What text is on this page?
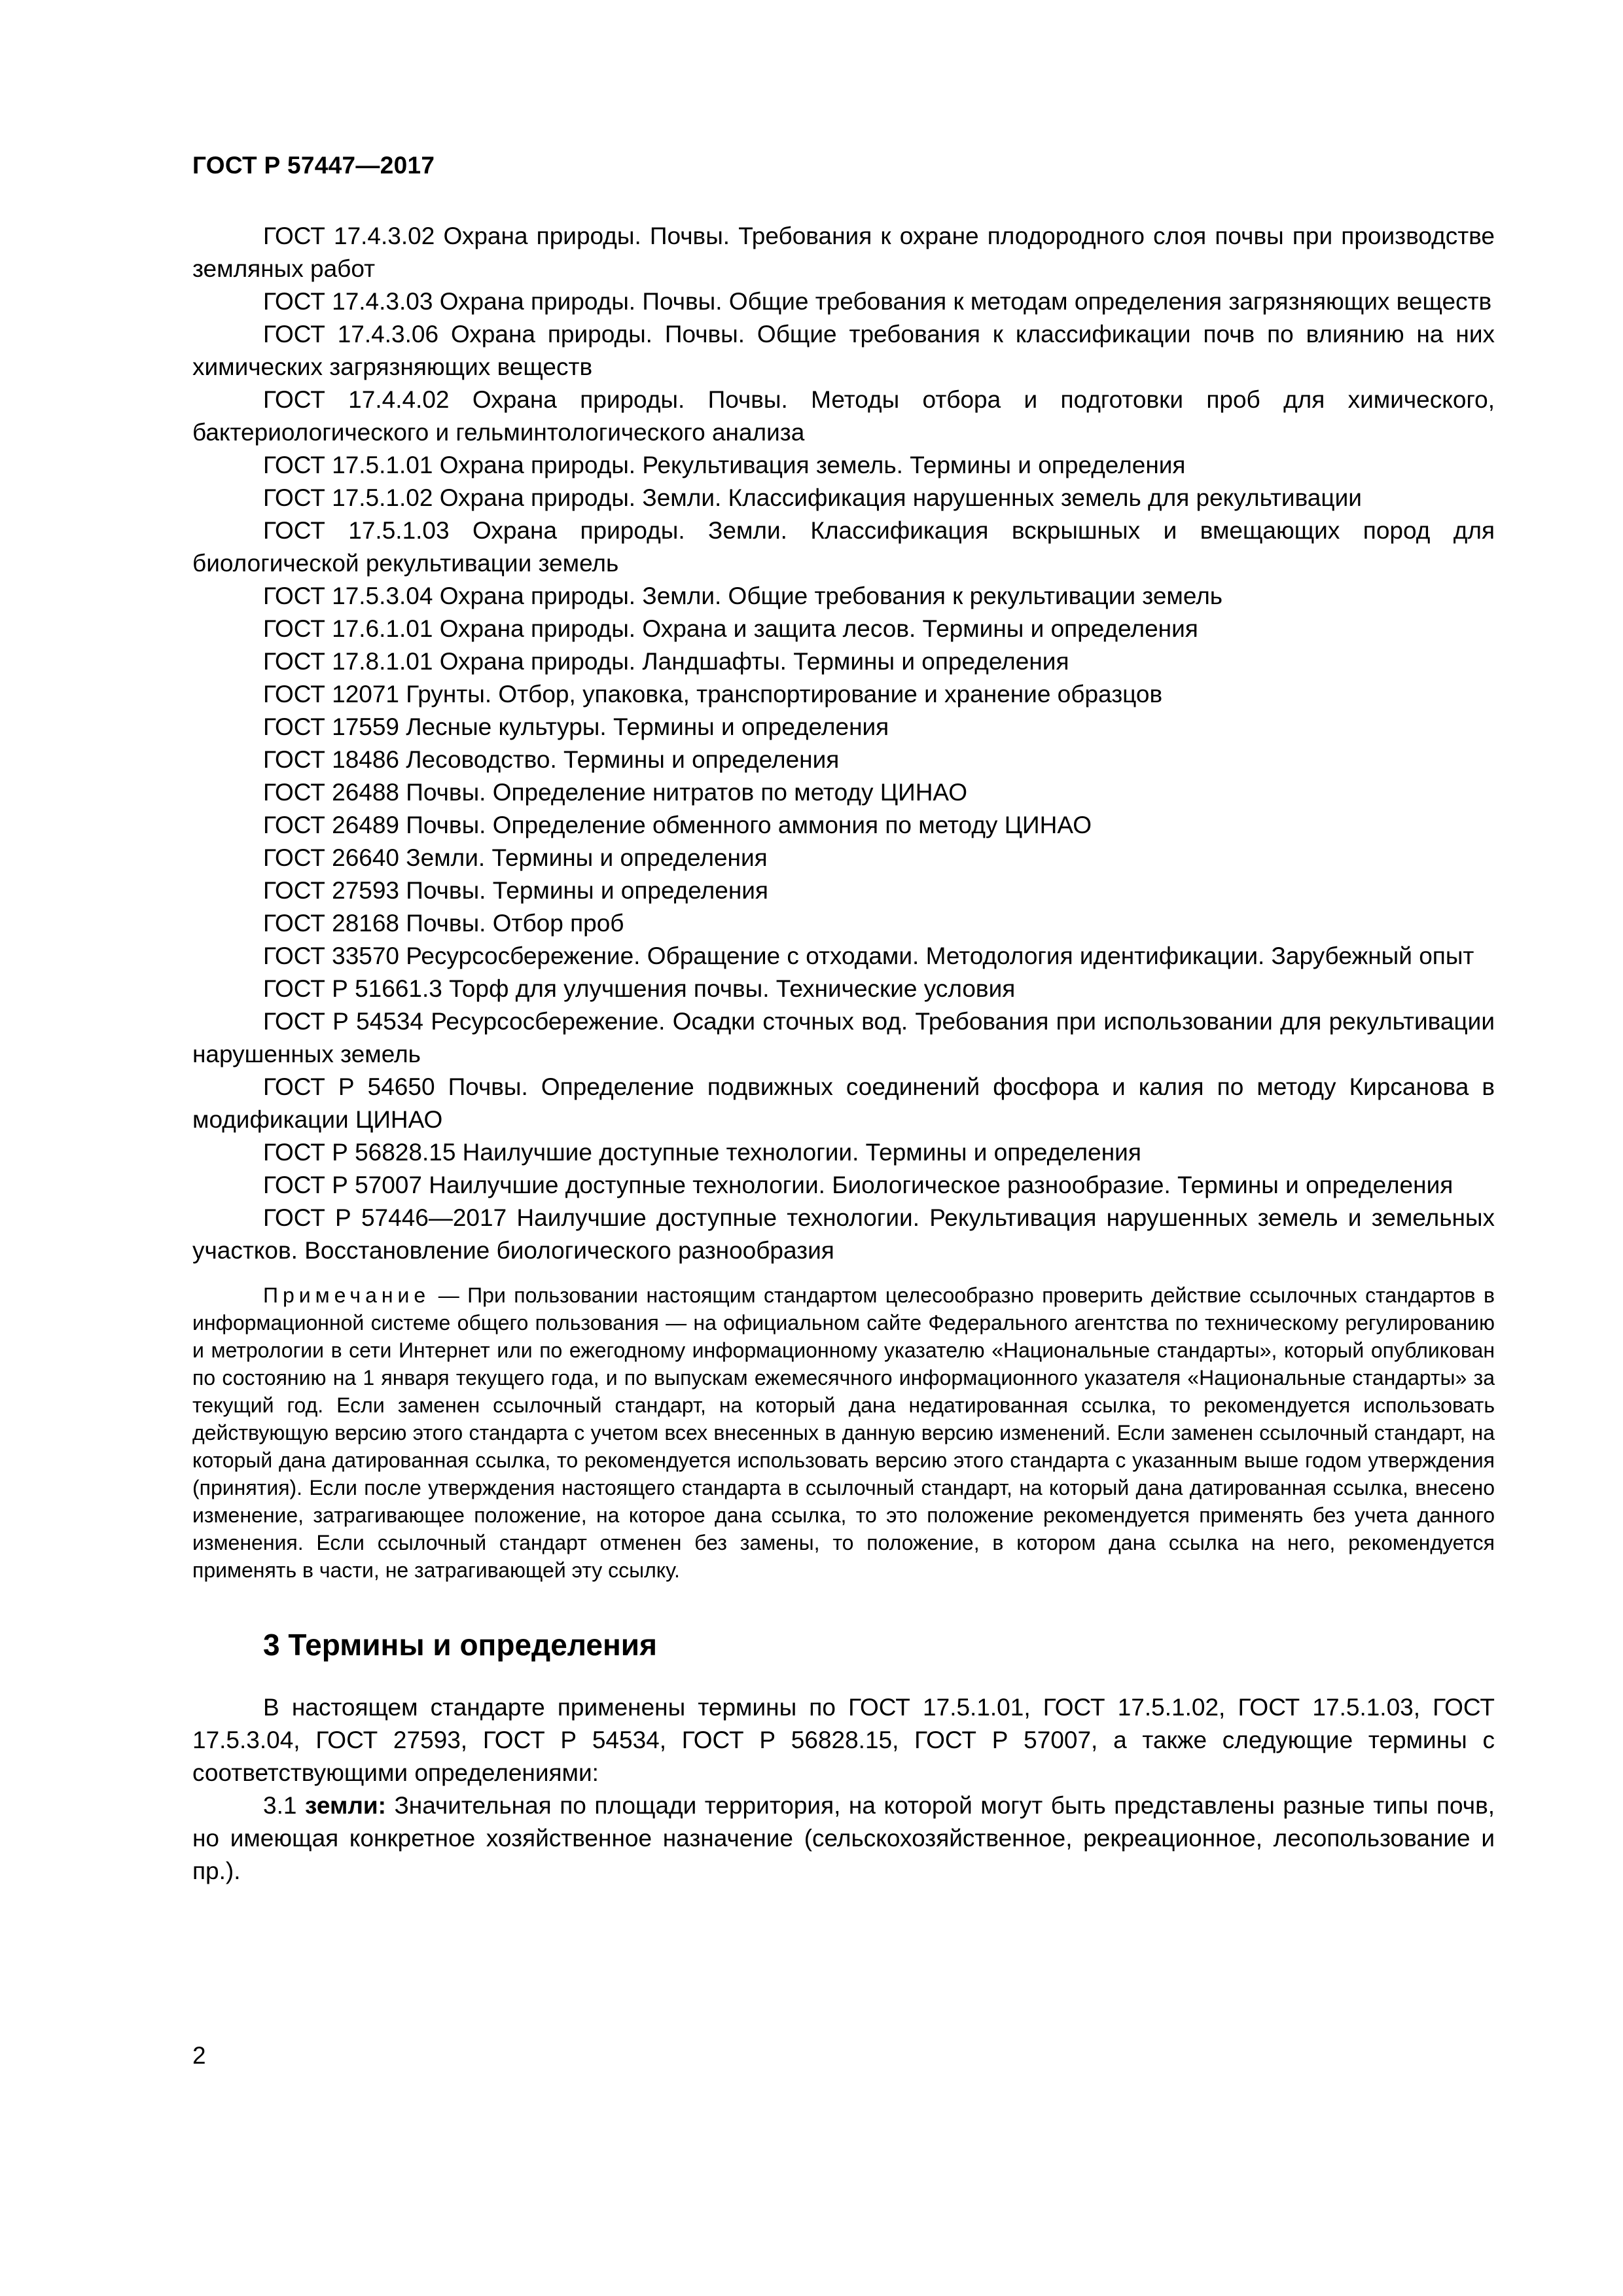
ГОСТ Р 57447—2017

ГОСТ 17.4.3.02 Охрана природы. Почвы. Требования к охране плодородного слоя почвы при производстве земляных работ

ГОСТ 17.4.3.03 Охрана природы. Почвы. Общие требования к методам определения загрязняющих веществ

ГОСТ 17.4.3.06 Охрана природы. Почвы. Общие требования к классификации почв по влиянию на них химических загрязняющих веществ

ГОСТ 17.4.4.02 Охрана природы. Почвы. Методы отбора и подготовки проб для химического, бактериологического и гельминтологического анализа

ГОСТ 17.5.1.01 Охрана природы. Рекультивация земель. Термины и определения

ГОСТ 17.5.1.02 Охрана природы. Земли. Классификация нарушенных земель для рекультивации

ГОСТ 17.5.1.03 Охрана природы. Земли. Классификация вскрышных и вмещающих пород для биологической рекультивации земель

ГОСТ 17.5.3.04 Охрана природы. Земли. Общие требования к рекультивации земель

ГОСТ 17.6.1.01 Охрана природы. Охрана и защита лесов. Термины и определения

ГОСТ 17.8.1.01 Охрана природы. Ландшафты. Термины и определения

ГОСТ 12071 Грунты. Отбор, упаковка, транспортирование и хранение образцов

ГОСТ 17559 Лесные культуры. Термины и определения

ГОСТ 18486 Лесоводство. Термины и определения

ГОСТ 26488 Почвы. Определение нитратов по методу ЦИНАО

ГОСТ 26489 Почвы. Определение обменного аммония по методу ЦИНАО

ГОСТ 26640 Земли. Термины и определения

ГОСТ 27593 Почвы. Термины и определения

ГОСТ 28168 Почвы. Отбор проб

ГОСТ 33570 Ресурсосбережение. Обращение с отходами. Методология идентификации. Зарубежный опыт

ГОСТ Р 51661.3 Торф для улучшения почвы. Технические условия

ГОСТ Р 54534 Ресурсосбережение. Осадки сточных вод. Требования при использовании для рекультивации нарушенных земель

ГОСТ Р 54650 Почвы. Определение подвижных соединений фосфора и калия по методу Кирсанова в модификации ЦИНАО

ГОСТ Р 56828.15 Наилучшие доступные технологии. Термины и определения

ГОСТ Р 57007 Наилучшие доступные технологии. Биологическое разнообразие. Термины и определения

ГОСТ Р 57446—2017 Наилучшие доступные технологии. Рекультивация нарушенных земель и земельных участков. Восстановление биологического разнообразия

Примечание — При пользовании настоящим стандартом целесообразно проверить действие ссылочных стандартов в информационной системе общего пользования — на официальном сайте Федерального агентства по техническому регулированию и метрологии в сети Интернет или по ежегодному информационному указателю «Национальные стандарты», который опубликован по состоянию на 1 января текущего года, и по выпускам ежемесячного информационного указателя «Национальные стандарты» за текущий год. Если заменен ссылочный стандарт, на который дана недатированная ссылка, то рекомендуется использовать действующую версию этого стандарта с учетом всех внесенных в данную версию изменений. Если заменен ссылочный стандарт, на который дана датированная ссылка, то рекомендуется использовать версию этого стандарта с указанным выше годом утверждения (принятия). Если после утверждения настоящего стандарта в ссылочный стандарт, на который дана датированная ссылка, внесено изменение, затрагивающее положение, на которое дана ссылка, то это положение рекомендуется применять без учета данного изменения. Если ссылочный стандарт отменен без замены, то положение, в котором дана ссылка на него, рекомендуется применять в части, не затрагивающей эту ссылку.

3 Термины и определения

В настоящем стандарте применены термины по ГОСТ 17.5.1.01, ГОСТ 17.5.1.02, ГОСТ 17.5.1.03, ГОСТ 17.5.3.04, ГОСТ 27593, ГОСТ Р 54534, ГОСТ Р 56828.15, ГОСТ Р 57007, а также следующие термины с соответствующими определениями:

3.1 земли: Значительная по площади территория, на которой могут быть представлены разные типы почв, но имеющая конкретное хозяйственное назначение (сельскохозяйственное, рекреационное, лесопользование и пр.).

2
